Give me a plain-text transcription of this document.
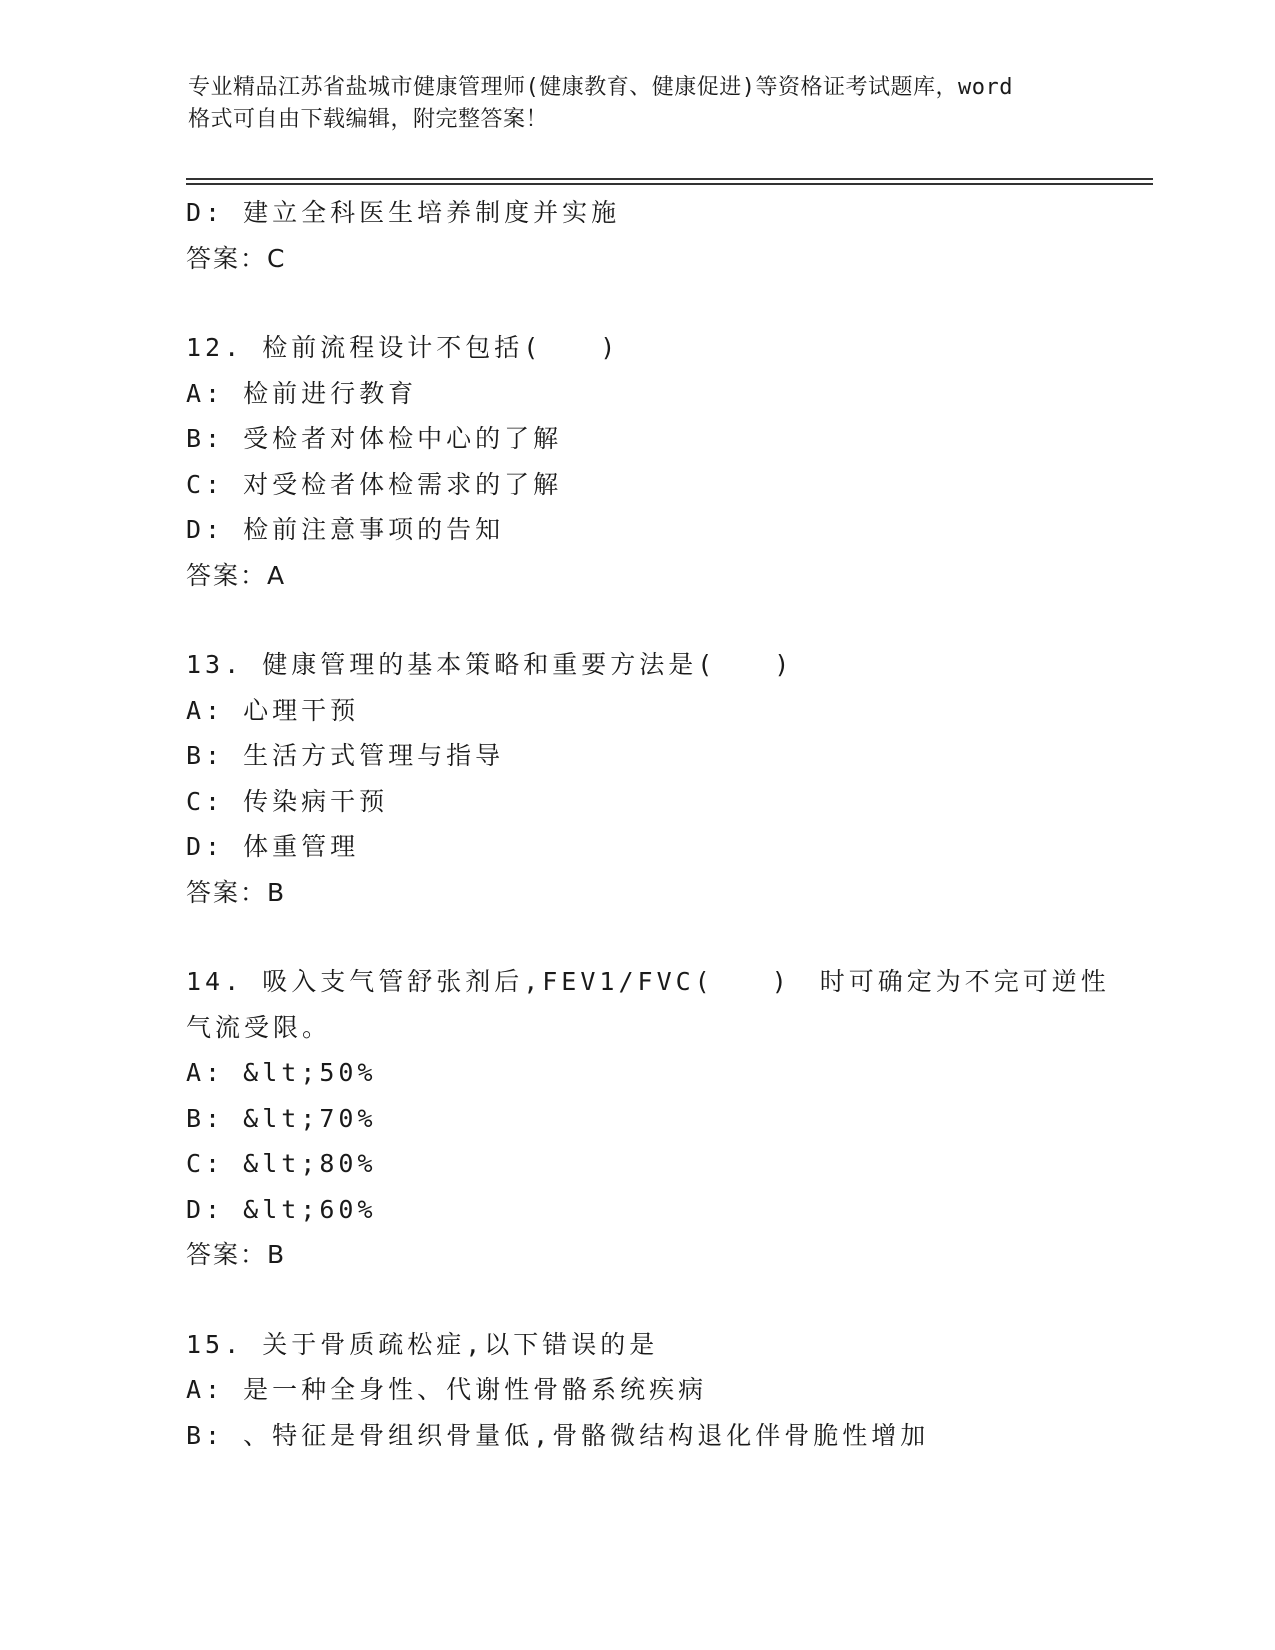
专业精品江苏省盐城市健康管理师(健康教育、健康促进)等资格证考试题库，word
格式可自由下载编辑，附完整答案！
D: 建立全科医生培养制度并实施
答案：C
12. 检前流程设计不包括(　　)
A: 检前进行教育
B: 受检者对体检中心的了解
C: 对受检者体检需求的了解
D: 检前注意事项的告知
答案：A
13. 健康管理的基本策略和重要方法是(　　)
A: 心理干预
B: 生活方式管理与指导
C: 传染病干预
D: 体重管理
答案：B
14. 吸入支气管舒张剂后,FEV1/FVC(　　)　时可确定为不完可逆性
气流受限。
A: &lt;50%
B: &lt;70%
C: &lt;80%
D: &lt;60%
答案：B
15. 关于骨质疏松症,以下错误的是
A: 是一种全身性、代谢性骨骼系统疾病
B: 、特征是骨组织骨量低,骨骼微结构退化伴骨脆性增加
